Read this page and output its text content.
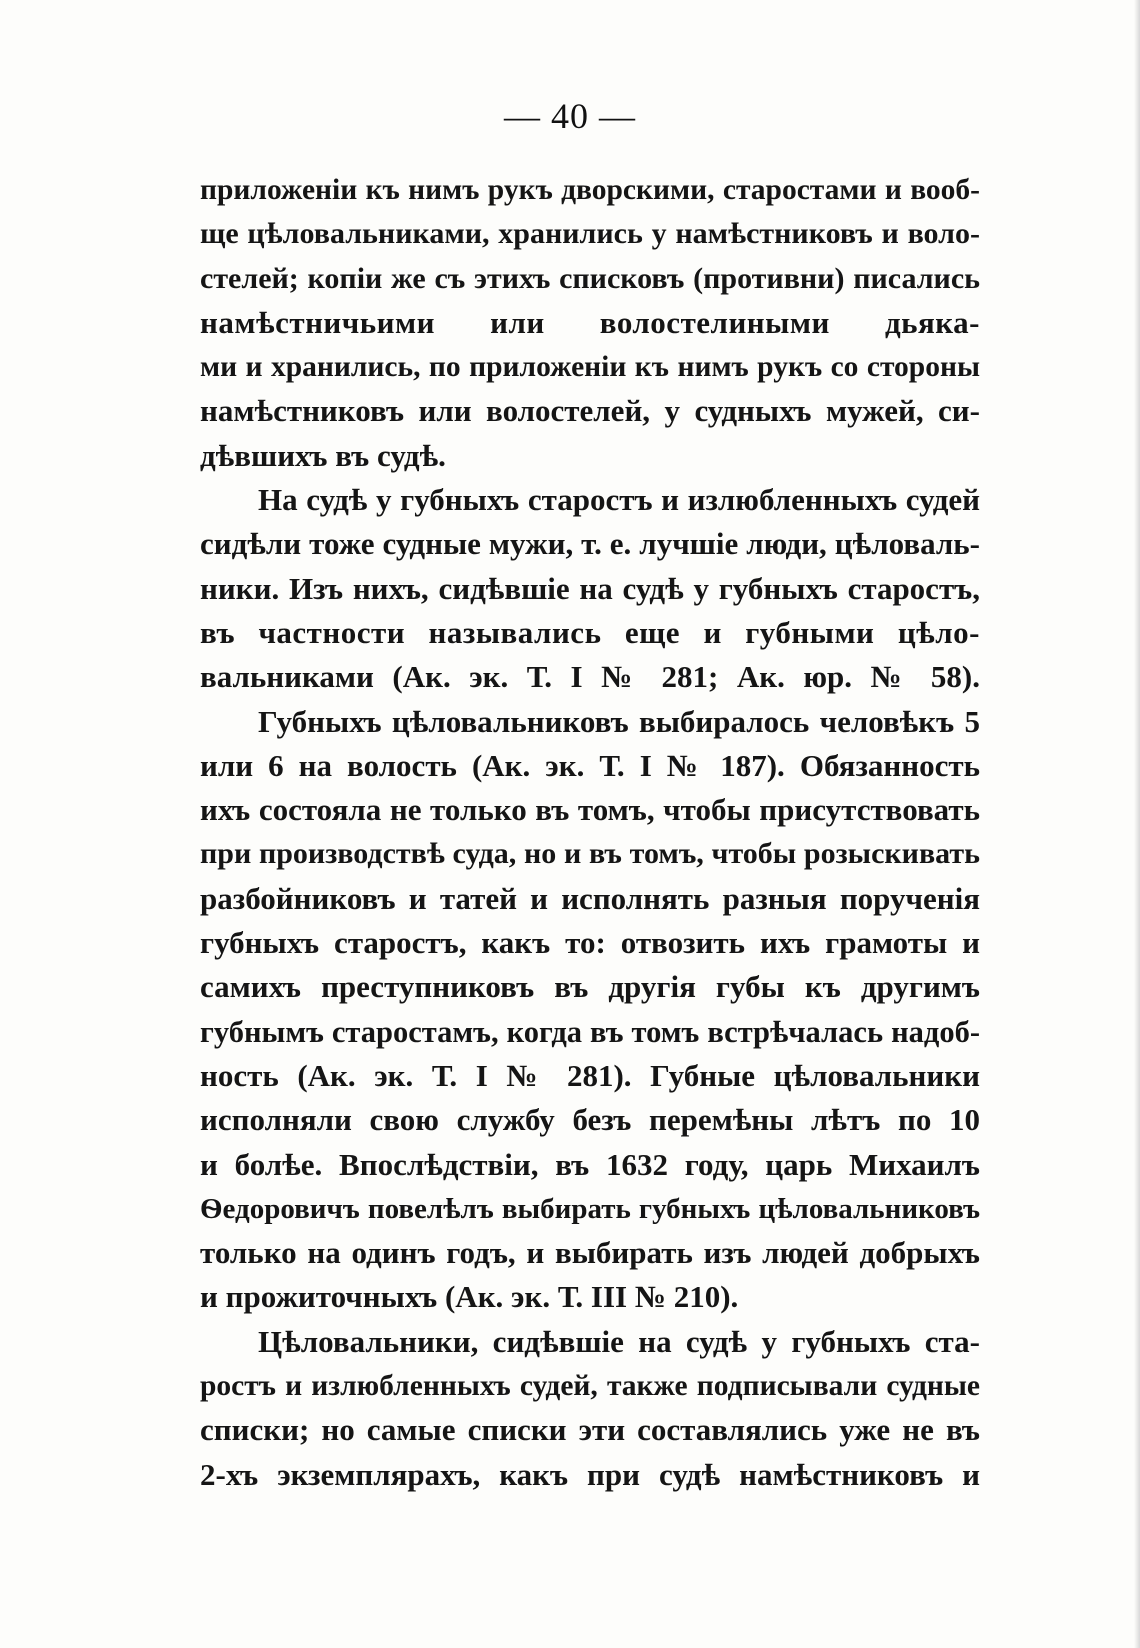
— 40 —
приложенiи къ нимъ рукъ дворскими, старостами и вооб-
ще цѣловальниками, хранились у намѣстниковъ и воло-
стелей; копiи же съ этихъ списковъ (противни) писались
намѣстничьими или волостелиными дьяка-
ми и хранились, по приложенiи къ нимъ рукъ со стороны
намѣстниковъ или волостелей, у судныхъ мужей, си-
дѣвшихъ въ судѣ.
На судѣ у губныхъ старостъ и излюбленныхъ судей
сидѣли тоже судные мужи, т. е. лучшiе люди, цѣловаль-
ники. Изъ нихъ, сидѣвшiе на судѣ у губныхъ старостъ,
въ частности назывались еще и губными цѣло-
вальниками (Ак. эк. Т. I № 281; Ак. юр. № 58).
Губныхъ цѣловальниковъ выбиралось человѣкъ 5
или 6 на волость (Ак. эк. Т. I № 187). Обязанность
ихъ состояла не только въ томъ, чтобы присутствовать
при производствѣ суда, но и въ томъ, чтобы розыскивать
разбойниковъ и татей и исполнять разныя порученiя
губныхъ старостъ, какъ то: отвозить ихъ грамоты и
самихъ преступниковъ въ другiя губы къ другимъ
губнымъ старостамъ, когда въ томъ встрѣчалась надоб-
ность (Ак. эк. Т. I № 281). Губные цѣловальники
исполняли свою службу безъ перемѣны лѣтъ по 10
и болѣе. Впослѣдствiи, въ 1632 году, царь Михаилъ
Ѳедоровичъ повелѣлъ выбирать губныхъ цѣловальниковъ
только на одинъ годъ, и выбирать изъ людей добрыхъ
и прожиточныхъ (Ак. эк. Т. III № 210).
Цѣловальники, сидѣвшiе на судѣ у губныхъ ста-
ростъ и излюбленныхъ судей, также подписывали судные
списки; но самые списки эти составлялись уже не въ
2-хъ экземплярахъ, какъ при судѣ намѣстниковъ и
